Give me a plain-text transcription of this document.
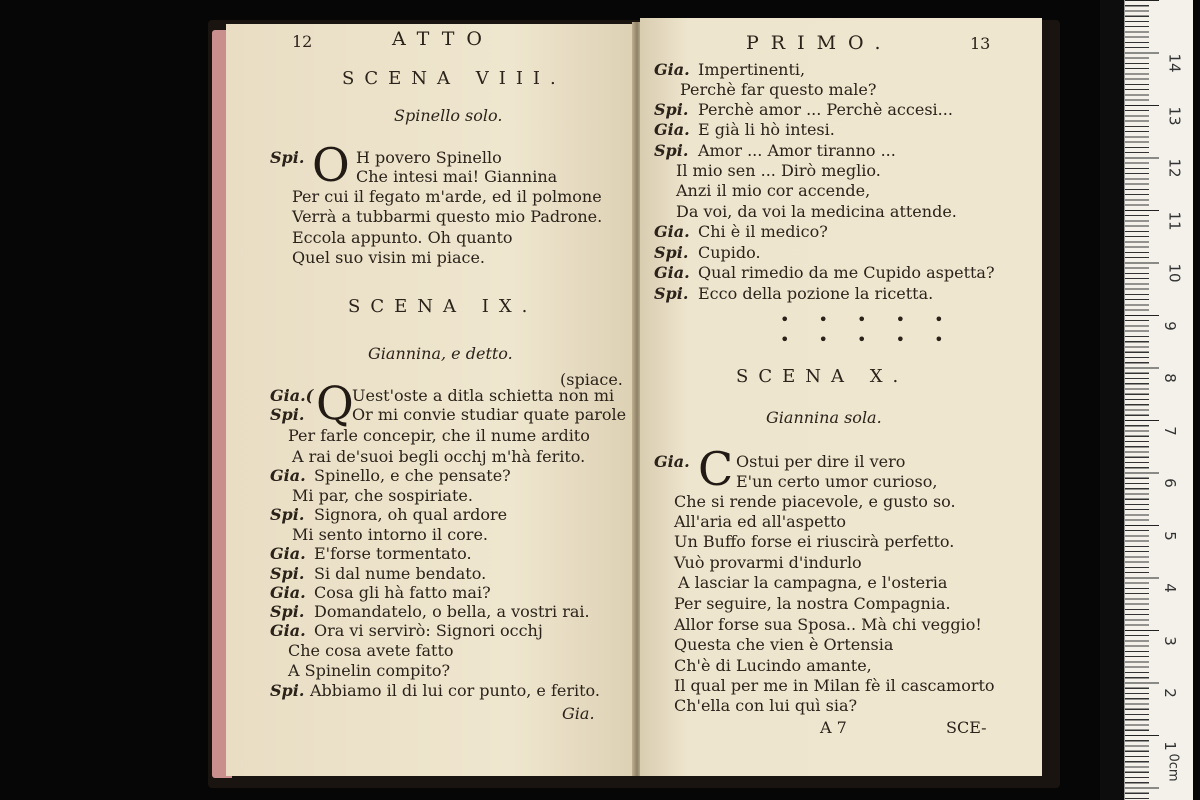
12	ATTO
SCENA VIII.
Spinello solo.
Spi. O H povero Spinello
Che intesi mai! Giannina
Per cui il fegato m'arde, ed il polmone
Verrà a tubbarmi questo mio Padrone.
Eccola appunto. Oh quanto
Quel suo visin mi piace.
SCENA IX.
Giannina, e detto.
(spiace.
Gia.( Q
Uest'oste a ditla schietta non mi
Spi.	Or mi convie studiar quate parole
Per farle concepir, che il nume ardito
A rai de'suoi begli occhj m'hà ferito.
Gia. Spinello, e che pensate?
Mi par, che sospiriate.
Spi. Signora, oh qual ardore
Mi sento intorno il core.
Gia. E'forse tormentato.
Spi. Si dal nume bendato.
Gia. Cosa gli hà fatto mai?
Spi. Domandatelo, o bella, a vostri rai.
Gia. Ora vi servirò: Signori occhj
Che cosa avete fatto
A Spinelin compito?
Spi. Abbiamo il di lui cor punto, e ferito.
Gia.
PRIMO.	13
Gia. Impertinenti,
Perchè far questo male?
Spi. Perchè amor ... Perchè accesi...
Gia. E già li hò intesi.
Spi. Amor ... Amor tiranno ...
Il mio sen ... Dirò meglio.
Anzi il mio cor accende,
Da voi, da voi la medicina attende.
Gia. Chi è il medico?
Spi. Cupido.
Gia. Qual rimedio da me Cupido aspetta?
Spi. Ecco della pozione la ricetta.
• • • • •
• • • • •
SCENA X.
Giannina sola.
Gia. C Ostui per dire il vero
E'un certo umor curioso,
Che si rende piacevole, e gusto so.
All'aria ed all'aspetto
Un Buffo forse ei riuscirà perfetto.
Vuò provarmi d'indurlo
A lasciar la campagna, e l'osteria
Per seguire, la nostra Compagnia.
Allor forse sua Sposa.. Mà chi veggio!
Questa che vien è Ortensia
Ch'è di Lucindo amante,
Il qual per me in Milan fè il cascamorto
Ch'ella con lui quì sia?
A 7	SCE-
0cm
1
2
3
4
5
6
7
8
9
10
11
12
13
14
